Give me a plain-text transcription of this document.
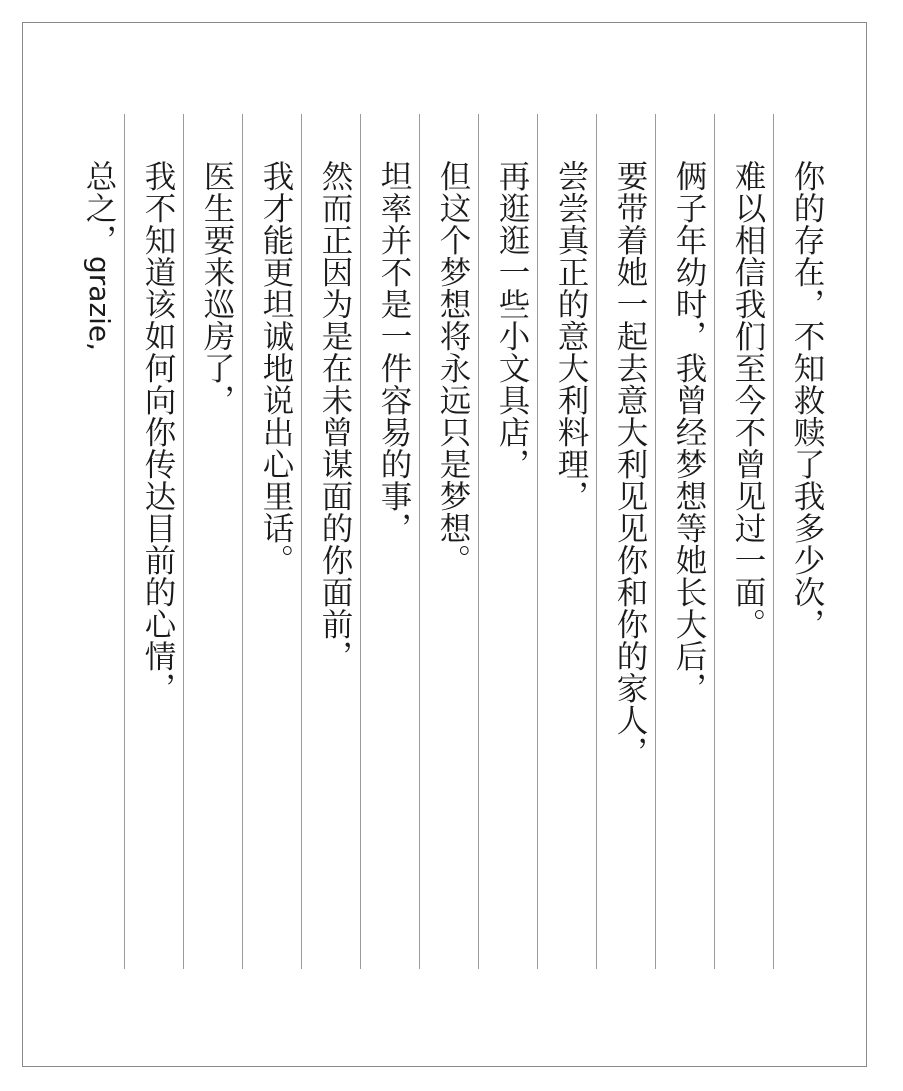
你的存在，不知救赎了我多少次，
难以相信我们至今不曾见过一面。
俩子年幼时，我曾经梦想等她长大后，
要带着她一起去意大利见见你和你的家人，
尝尝真正的意大利料理，
再逛逛一些小文具店，
但这个梦想将永远只是梦想。
坦率并不是一件容易的事，
然而正因为是在未曾谋面的你面前，
我才能更坦诚地说出心里话。
医生要来巡房了，
我不知道该如何向你传达目前的心情，
总之，grazie,
